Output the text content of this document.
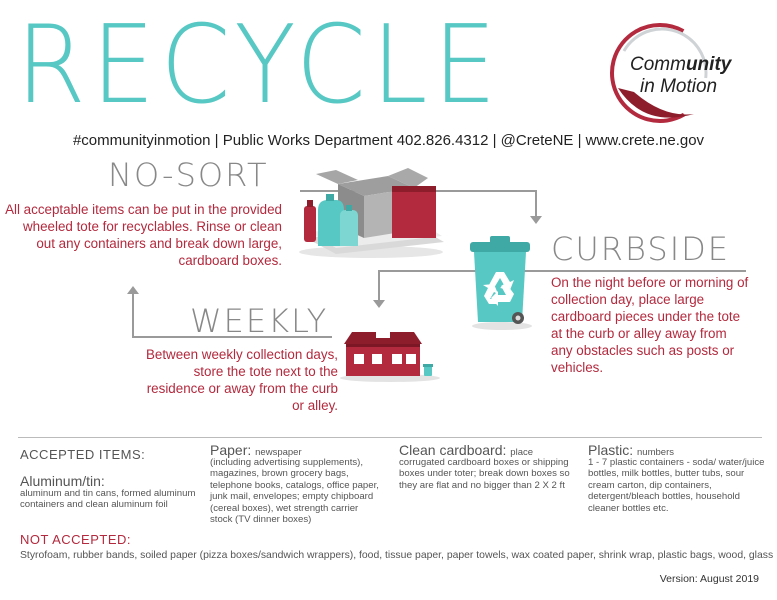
RECYCLE	Community
in Motion
#communityinmotion | Public Works Department 402.826.4312 | @CreteNE | www.crete.ne.gov
NO-SORT
All acceptable items can be put in the provided wheeled tote for recyclables. Rinse or clean out any containers and break down large, cardboard boxes.	CURBSIDE
On the night before or morning of collection day, place large cardboard pieces under the tote at the curb or alley away from any obstacles such as posts or vehicles.
WEEKLY
Between weekly collection days, store the tote next to the residence or away from the curb or alley.
ACCEPTED ITEMS:
Aluminum/tin:
aluminum and tin cans, formed aluminum containers and clean aluminum foil
Paper: newspaper
(including advertising supplements), magazines, brown grocery bags, telephone books, catalogs, office paper, junk mail, envelopes; empty chipboard (cereal boxes), wet strength carrier stock (TV dinner boxes)
Clean cardboard: place
corrugated cardboard boxes or shipping boxes under toter; break down boxes so they are flat and no bigger than 2 X 2 ft
Plastic: numbers
1 - 7 plastic containers - soda/ water/juice bottles, milk bottles, butter tubs, sour cream carton, dip containers, detergent/bleach bottles, household cleaner bottles etc.
NOT ACCEPTED:
Styrofoam, rubber bands, soiled paper (pizza boxes/sandwich wrappers), food, tissue paper, paper towels, wax coated paper, shrink wrap, plastic bags, wood, glass
Version: August 2019
